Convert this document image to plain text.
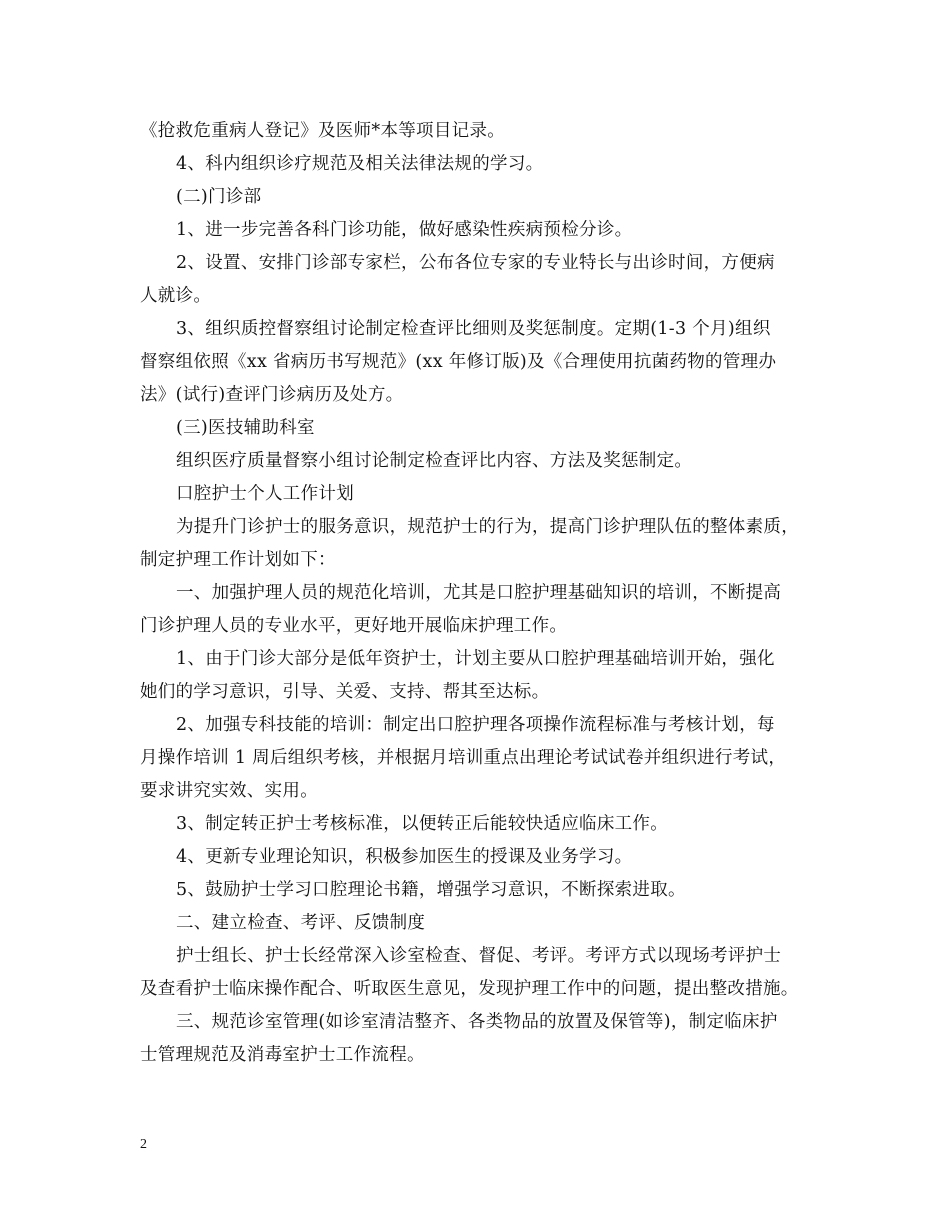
《抢救危重病人登记》及医师*本等项目记录。
4、科内组织诊疗规范及相关法律法规的学习。
(二)门诊部
1、进一步完善各科门诊功能，做好感染性疾病预检分诊。
2、设置、安排门诊部专家栏，公布各位专家的专业特长与出诊时间，方便病
人就诊。
3、组织质控督察组讨论制定检查评比细则及奖惩制度。定期(1-3 个月)组织
督察组依照《xx 省病历书写规范》(xx 年修订版)及《合理使用抗菌药物的管理办
法》(试行)查评门诊病历及处方。
(三)医技辅助科室
组织医疗质量督察小组讨论制定检查评比内容、方法及奖惩制定。
口腔护士个人工作计划
为提升门诊护士的服务意识，规范护士的行为，提高门诊护理队伍的整体素质，
制定护理工作计划如下：
一、加强护理人员的规范化培训，尤其是口腔护理基础知识的培训，不断提高
门诊护理人员的专业水平，更好地开展临床护理工作。
1、由于门诊大部分是低年资护士，计划主要从口腔护理基础培训开始，强化
她们的学习意识，引导、关爱、支持、帮其至达标。
2、加强专科技能的培训：制定出口腔护理各项操作流程标准与考核计划，每
月操作培训 1 周后组织考核，并根据月培训重点出理论考试试卷并组织进行考试，
要求讲究实效、实用。
3、制定转正护士考核标准，以便转正后能较快适应临床工作。
4、更新专业理论知识，积极参加医生的授课及业务学习。
5、鼓励护士学习口腔理论书籍，增强学习意识，不断探索进取。
二、建立检查、考评、反馈制度
护士组长、护士长经常深入诊室检查、督促、考评。考评方式以现场考评护士
及查看护士临床操作配合、听取医生意见，发现护理工作中的问题，提出整改措施。
三、规范诊室管理(如诊室清洁整齐、各类物品的放置及保管等)，制定临床护
士管理规范及消毒室护士工作流程。
2
